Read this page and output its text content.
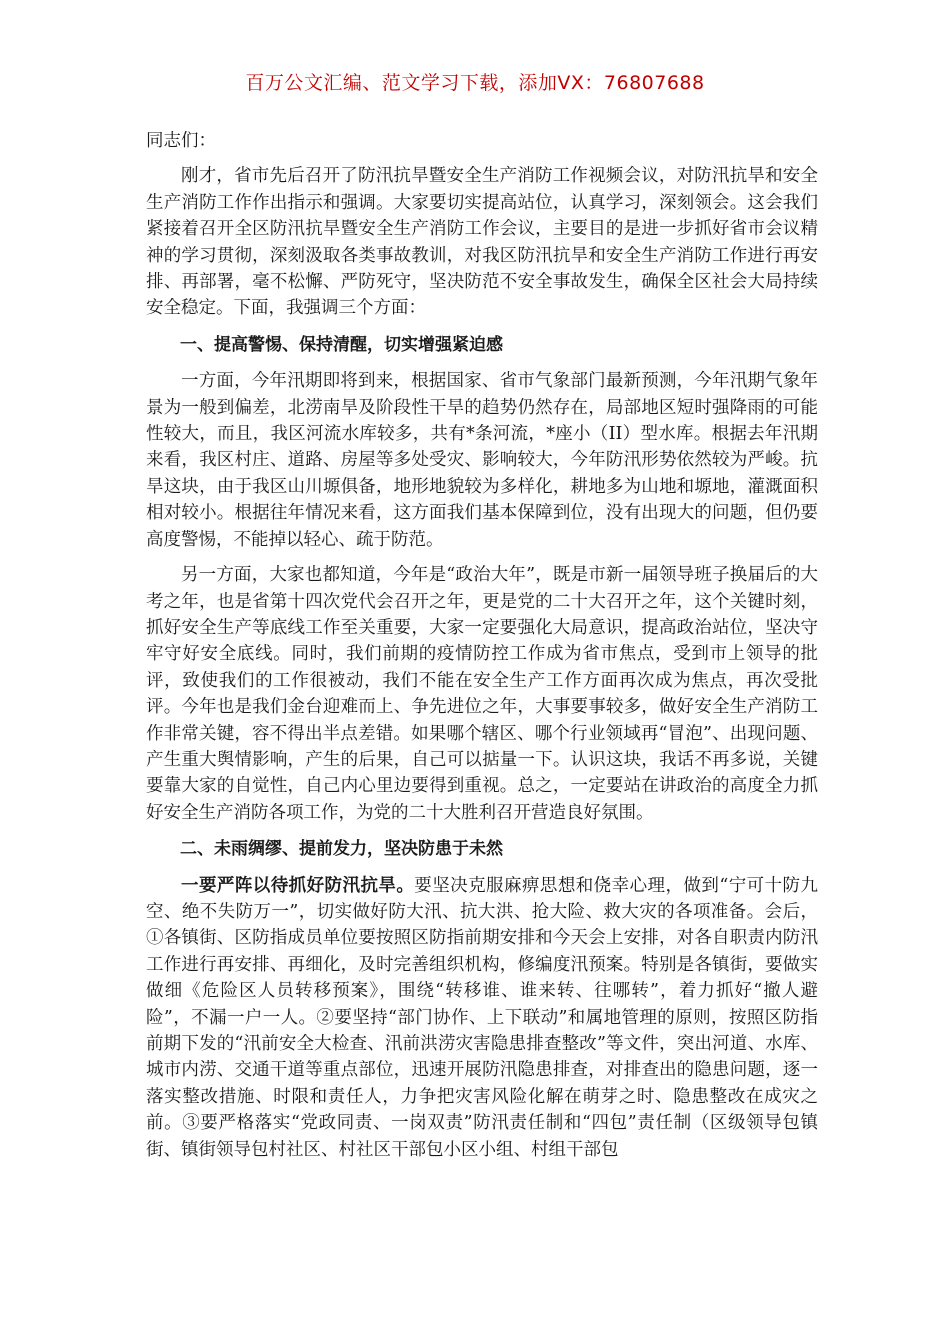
百万公文汇编、范文学习下载，添加VX：76807688

同志们：

刚才，省市先后召开了防汛抗旱暨安全生产消防工作视频会议，对防汛抗旱和安全生产消防工作作出指示和强调。大家要切实提高站位，认真学习，深刻领会。这会我们紧接着召开全区防汛抗旱暨安全生产消防工作会议，主要目的是进一步抓好省市会议精神的学习贯彻，深刻汲取各类事故教训，对我区防汛抗旱和安全生产消防工作进行再安排、再部署，毫不松懈、严防死守，坚决防范不安全事故发生，确保全区社会大局持续安全稳定。下面，我强调三个方面：

一、提高警惕、保持清醒，切实增强紧迫感

一方面，今年汛期即将到来，根据国家、省市气象部门最新预测，今年汛期气象年景为一般到偏差，北涝南旱及阶段性干旱的趋势仍然存在，局部地区短时强降雨的可能性较大，而且，我区河流水库较多，共有*条河流，*座小（II）型水库。根据去年汛期来看，我区村庄、道路、房屋等多处受灾、影响较大，今年防汛形势依然较为严峻。抗旱这块，由于我区山川塬俱备，地形地貌较为多样化，耕地多为山地和塬地，灌溉面积相对较小。根据往年情况来看，这方面我们基本保障到位，没有出现大的问题，但仍要高度警惕，不能掉以轻心、疏于防范。

另一方面，大家也都知道，今年是“政治大年”，既是市新一届领导班子换届后的大考之年，也是省第十四次党代会召开之年，更是党的二十大召开之年，这个关键时刻，抓好安全生产等底线工作至关重要，大家一定要强化大局意识，提高政治站位，坚决守牢守好安全底线。同时，我们前期的疫情防控工作成为省市焦点，受到市上领导的批评，致使我们的工作很被动，我们不能在安全生产工作方面再次成为焦点，再次受批评。今年也是我们金台迎难而上、争先进位之年，大事要事较多，做好安全生产消防工作非常关键，容不得出半点差错。如果哪个辖区、哪个行业领域再“冒泡”、出现问题、产生重大舆情影响，产生的后果，自己可以掂量一下。认识这块，我话不再多说，关键要靠大家的自觉性，自己内心里边要得到重视。总之，一定要站在讲政治的高度全力抓好安全生产消防各项工作，为党的二十大胜利召开营造良好氛围。

二、未雨绸缪、提前发力，坚决防患于未然

一要严阵以待抓好防汛抗旱。要坚决克服麻痹思想和侥幸心理，做到“宁可十防九空、绝不失防万一”，切实做好防大汛、抗大洪、抢大险、救大灾的各项准备。会后，①各镇街、区防指成员单位要按照区防指前期安排和今天会上安排，对各自职责内防汛工作进行再安排、再细化，及时完善组织机构，修编度汛预案。特别是各镇街，要做实做细《危险区人员转移预案》，围绕“转移谁、谁来转、往哪转”，着力抓好“撤人避险”，不漏一户一人。②要坚持“部门协作、上下联动”和属地管理的原则，按照区防指前期下发的“汛前安全大检查、汛前洪涝灾害隐患排查整改”等文件，突出河道、水库、城市内涝、交通干道等重点部位，迅速开展防汛隐患排查，对排查出的隐患问题，逐一落实整改措施、时限和责任人，力争把灾害风险化解在萌芽之时、隐患整改在成灾之前。③要严格落实“党政同责、一岗双责”防汛责任制和“四包”责任制（区级领导包镇街、镇街领导包村社区、村社区干部包小区小组、村组干部包
